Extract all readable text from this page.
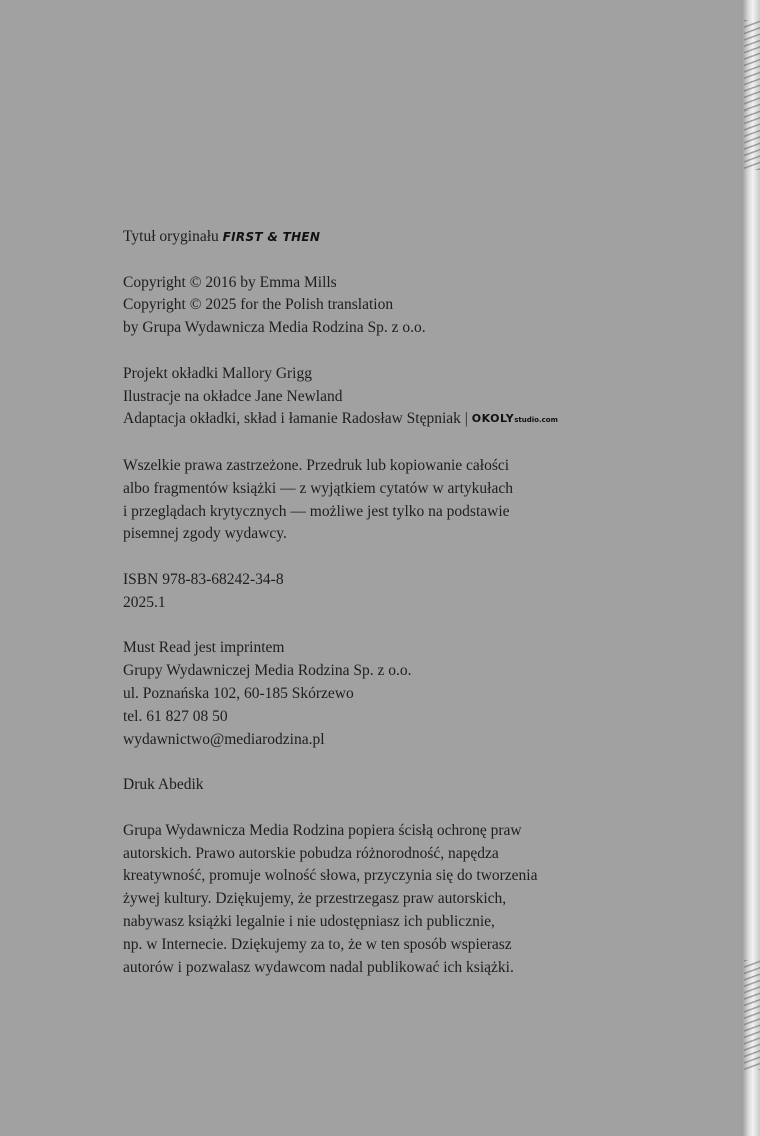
Tytuł oryginału FIRST & THEN
Copyright © 2016 by Emma Mills
Copyright © 2025 for the Polish translation
by Grupa Wydawnicza Media Rodzina Sp. z o.o.
Projekt okładki Mallory Grigg
Ilustracje na okładce Jane Newland
Adaptacja okładki, skład i łamanie Radosław Stępniak | OKOLYstudio.com
Wszelkie prawa zastrzeżone. Przedruk lub kopiowanie całości
albo fragmentów książki — z wyjątkiem cytatów w artykułach
i przeglądach krytycznych — możliwe jest tylko na podstawie
pisemnej zgody wydawcy.
ISBN 978-83-68242-34-8
2025.1
Must Read jest imprintem
Grupy Wydawniczej Media Rodzina Sp. z o.o.
ul. Poznańska 102, 60-185 Skórzewo
tel. 61 827 08 50
wydawnictwo@mediarodzina.pl
Druk Abedik
Grupa Wydawnicza Media Rodzina popiera ścisłą ochronę praw
autorskich. Prawo autorskie pobudza różnorodność, napędza
kreatywność, promuje wolność słowa, przyczynia się do tworzenia
żywej kultury. Dziękujemy, że przestrzegasz praw autorskich,
nabywasz książki legalnie i nie udostępniasz ich publicznie,
np. w Internecie. Dziękujemy za to, że w ten sposób wspierasz
autorów i pozwalasz wydawcom nadal publikować ich książki.
